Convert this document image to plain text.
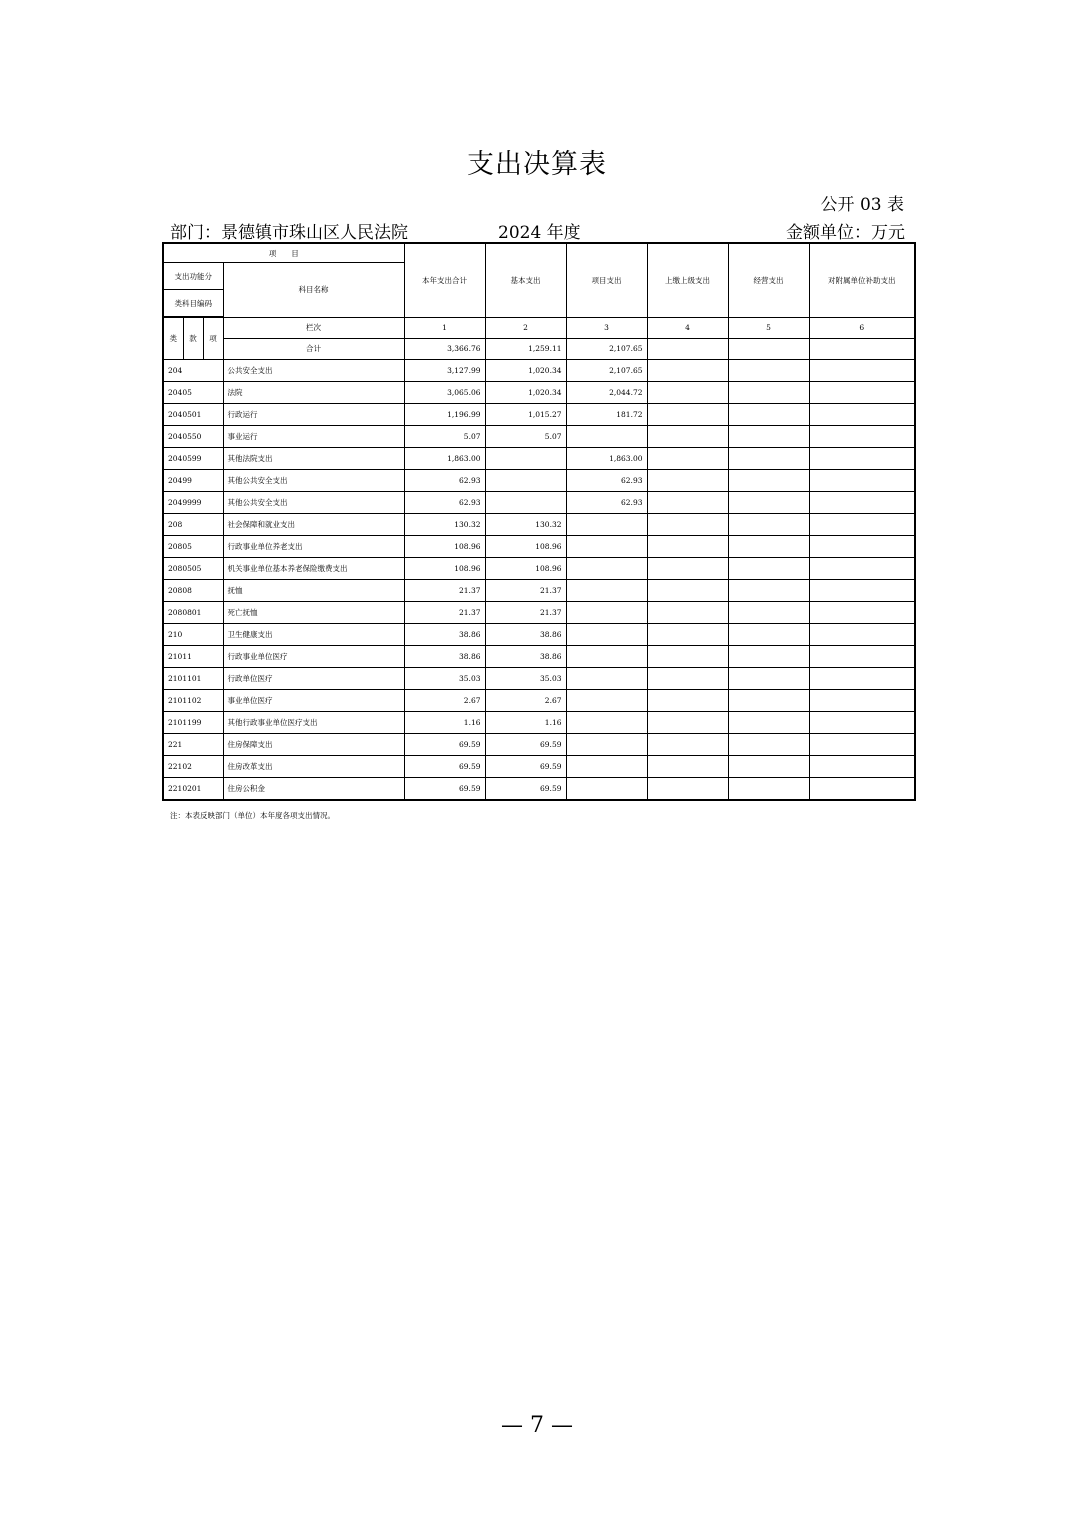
支出决算表
公开 03 表
部门：景德镇市珠山区人民法院	2024 年度	金额单位：万元
项　　目				本年支出合计	基本支出	项目支出	上缴上级支出	经营支出	对附属单位补助支出
支出功能分			科目名称						
类科目编码									
类	款	项	栏次	1	2	3	4	5	6
			合计	3,366.76	1,259.11	2,107.65			
204			公共安全支出	3,127.99	1,020.34	2,107.65			
20405			法院	3,065.06	1,020.34	2,044.72			
2040501			行政运行	1,196.99	1,015.27	181.72			
2040550			事业运行	5.07	5.07				
2040599			其他法院支出	1,863.00		1,863.00			
20499			其他公共安全支出	62.93		62.93			
2049999			其他公共安全支出	62.93		62.93			
208			社会保障和就业支出	130.32	130.32				
20805			行政事业单位养老支出	108.96	108.96				
2080505			机关事业单位基本养老保险缴费支出	108.96	108.96				
20808			抚恤	21.37	21.37				
2080801			死亡抚恤	21.37	21.37				
210			卫生健康支出	38.86	38.86				
21011			行政事业单位医疗	38.86	38.86				
2101101			行政单位医疗	35.03	35.03				
2101102			事业单位医疗	2.67	2.67				
2101199			其他行政事业单位医疗支出	1.16	1.16				
221			住房保障支出	69.59	69.59				
22102			住房改革支出	69.59	69.59				
2210201			住房公积金	69.59	69.59				
注：本表反映部门（单位）本年度各项支出情况。
— 7 —
